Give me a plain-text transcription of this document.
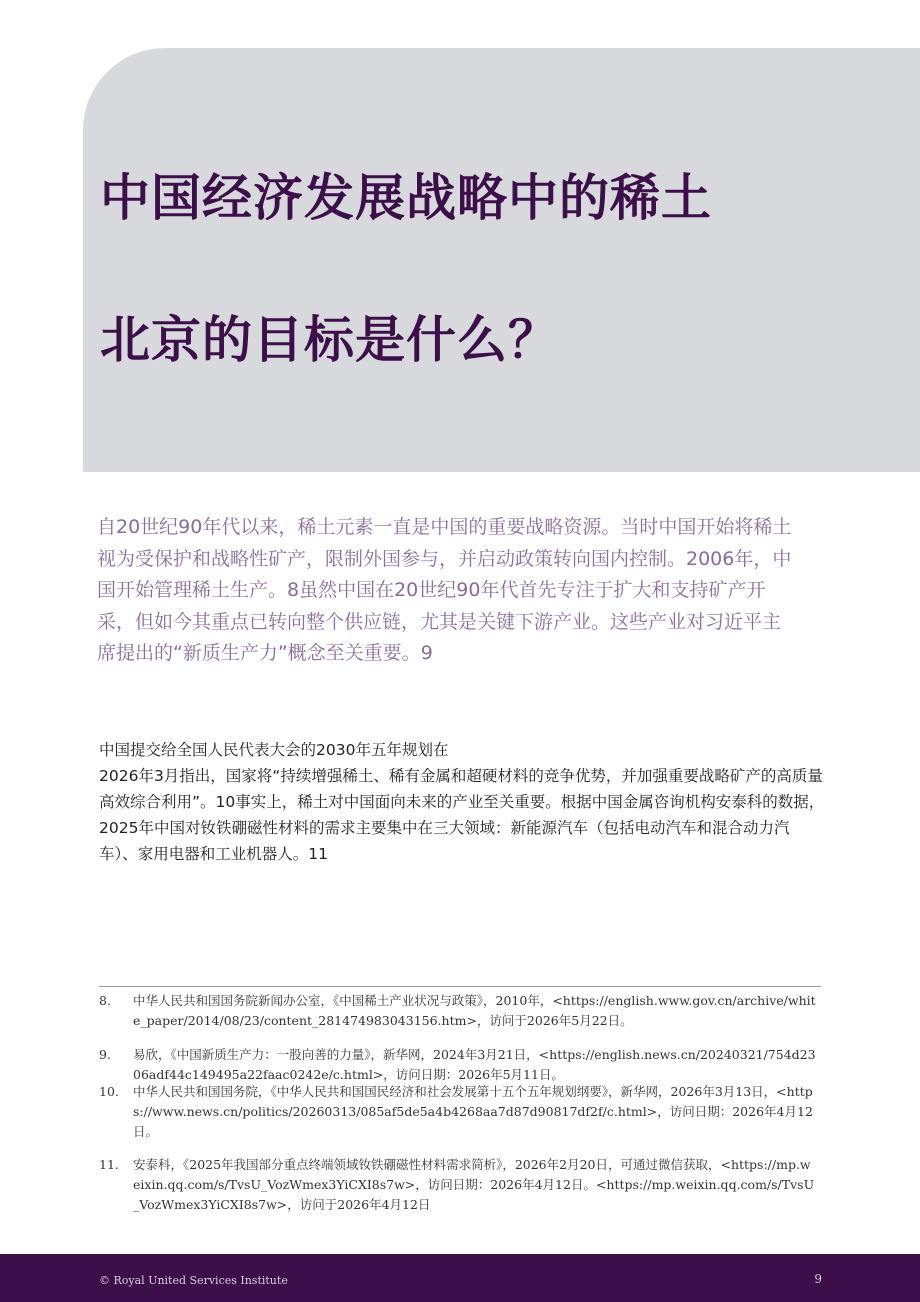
中国经济发展战略中的稀土
北京的目标是什么？

自20世纪90年代以来，稀土元素一直是中国的重要战略资源。当时中国开始将稀土视为受保护和战略性矿产，限制外国参与，并启动政策转向国内控制。2006年，中国开始管理稀土生产。8虽然中国在20世纪90年代首先专注于扩大和支持矿产开采，但如今其重点已转向整个供应链，尤其是关键下游产业。这些产业对习近平主席提出的“新质生产力”概念至关重要。9

中国提交给全国人民代表大会的2030年五年规划在
2026年3月指出，国家将“持续增强稀土、稀有金属和超硬材料的竞争优势，并加强重要战略矿产的高质量高效综合利用”。10事实上，稀土对中国面向未来的产业至关重要。根据中国金属咨询机构安泰科的数据，2025年中国对钕铁硼磁性材料的需求主要集中在三大领域：新能源汽车（包括电动汽车和混合动力汽车）、家用电器和工业机器人。11
8. 中华人民共和国国务院新闻办公室，《中国稀土产业状况与政策》，2010年，<https://english.www.gov.cn/archive/white_paper/2014/08/23/content_281474983043156.htm>，访问于2026年5月22日。
9. 易欣，《中国新质生产力：一股向善的力量》，新华网，2024年3月21日，<https://english.news.cn/20240321/754d2306adf44c149495a22faac0242e/c.html>，访问日期：2026年5月11日。
10. 中华人民共和国国务院，《中华人民共和国国民经济和社会发展第十五个五年规划纲要》，新华网，2026年3月13日，<https://www.news.cn/politics/20260313/085af5de5a4b4268aa7d87d90817df2f/c.html>，访问日期：2026年4月12日。
11. 安泰科，《2025年我国部分重点终端领域钕铁硼磁性材料需求简析》，2026年2月20日，可通过微信获取，<https://mp.weixin.qq.com/s/TvsU_VozWmex3YiCXI8s7w>，访问日期：2026年4月12日。<https://mp.weixin.qq.com/s/TvsU_VozWmex3YiCXI8s7w>，访问于2026年4月12日
© Royal United Services Institute	9
